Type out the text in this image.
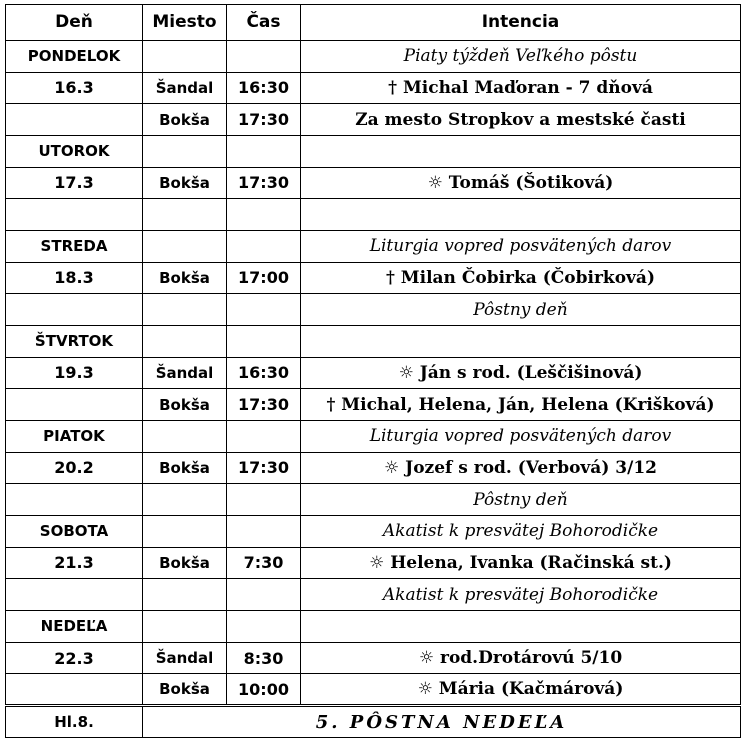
Deň	Miesto	Čas	Intencia
PONDELOK			Piaty týždeň Veľkého pôstu
16.3	Šandal	16:30	† Michal Maďoran - 7 dňová
	Bokša	17:30	Za mesto Stropkov a mestské časti
UTOROK			
17.3	Bokša	17:30	☼ Tomáš (Šotiková)

STREDA			Liturgia vopred posvätených darov
18.3	Bokša	17:00	† Milan Čobirka (Čobirková)
			Pôstny deň
ŠTVRTOK			
19.3	Šandal	16:30	☼ Ján s rod. (Leščišinová)
	Bokša	17:30	† Michal, Helena, Ján, Helena (Krišková)
PIATOK			Liturgia vopred posvätených darov
20.2	Bokša	17:30	☼ Jozef s rod. (Verbová) 3/12
			Pôstny deň
SOBOTA			Akatist k presvätej Bohorodičke
21.3	Bokša	7:30	☼ Helena, Ivanka (Račinská st.)
			Akatist k presvätej Bohorodičke
NEDEĽA			
22.3	Šandal	8:30	☼ rod.Drotárovú 5/10
	Bokša	10:00	☼ Mária (Kačmárová)
Hl.8.	5. PÔSTNA NEDEĽA		
